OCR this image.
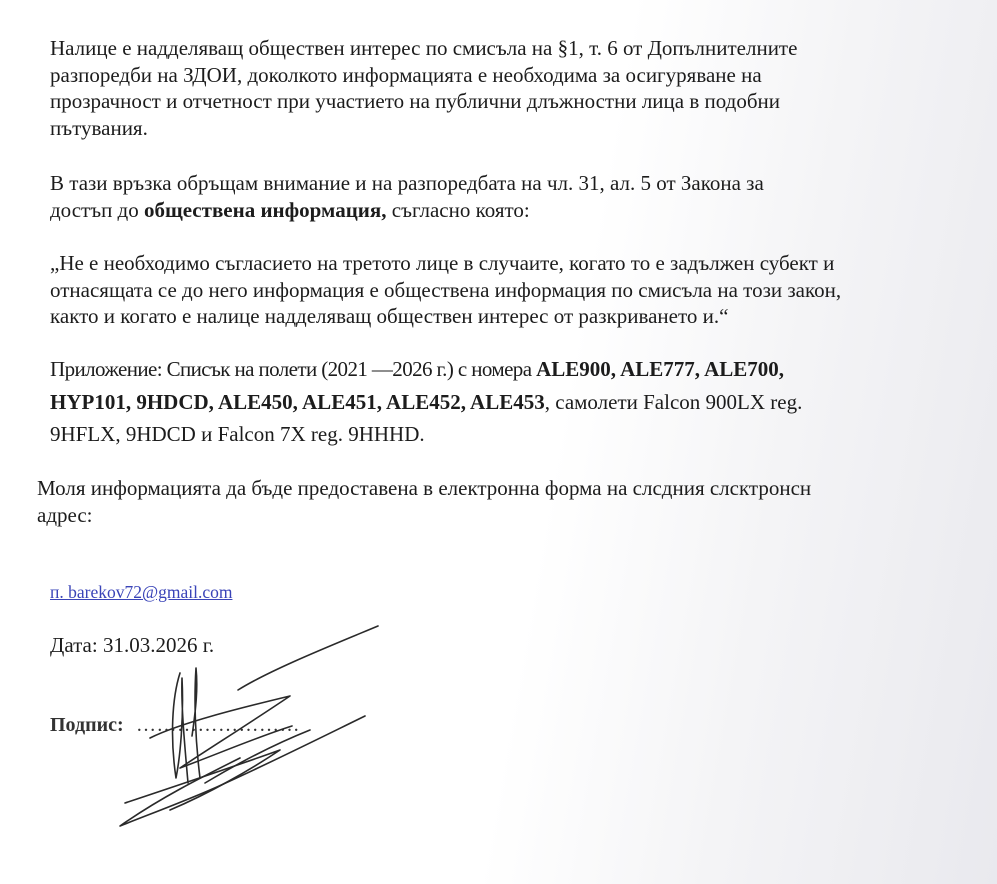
Налице е надделяващ обществен интерес по смисъла на §1, т. 6 от Допълнителните
разпоредби на ЗДОИ, доколкото информацията е необходима за осигуряване на
прозрачност и отчетност при участието на публични длъжностни лица в подобни
пътувания.

В тази връзка обръщам внимание и на разпоредбата на чл. 31, ал. 5 от Закона за
достъп до обществена информация, съгласно която:

„Не е необходимо съгласието на третото лице в случаите, когато то е задължен субект и
отнасящата се до него информация е обществена информация по смисъла на този закон,
както и когато е налице надделяващ обществен интерес от разкриването и.“

Приложение: Списък на полети (2021 —2026 г.) с номера ALE900, ALE777, ALE700,
HYP101, 9HDCD, ALE450, ALE451, ALE452, ALE453, самолети Falcon 900LX reg.
9HFLX, 9HDCD и Falcon 7X reg. 9HHHD.

Моля информацията да бъде предоставена в електронна форма на слсдния слсктронсн
адрес:

п. barekov72@gmail.com
Дата: 31.03.2026 г.
Подпис: ……………………
